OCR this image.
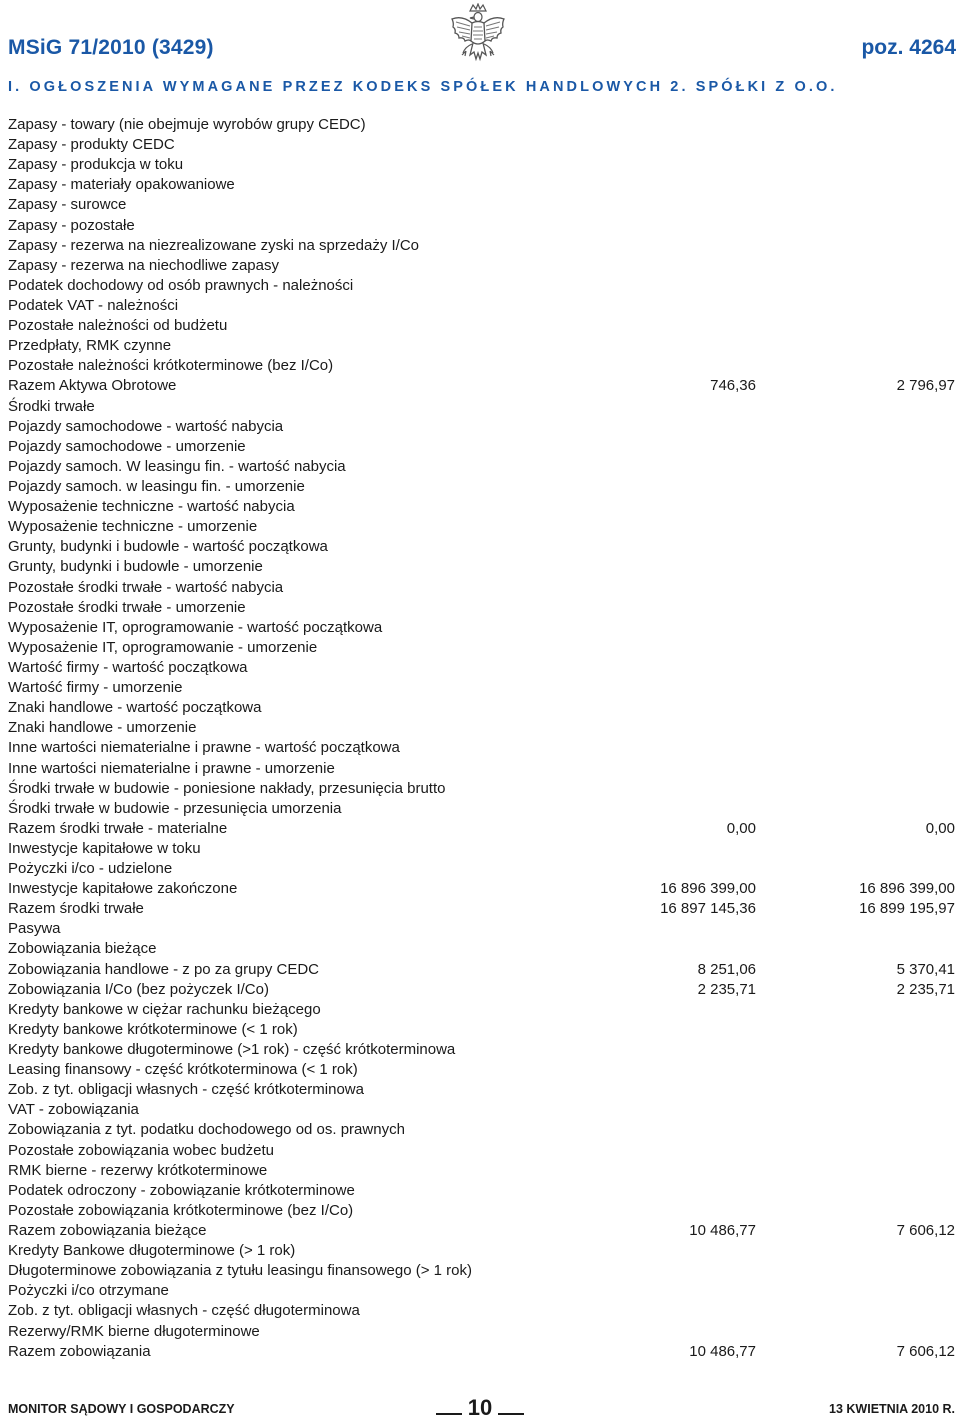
MSiG 71/2010 (3429)	poz. 4264
I. OGŁOSZENIA WYMAGANE PRZEZ KODEKS SPÓŁEK HANDLOWYCH 2. SPÓŁKI Z O.O.
Zapasy - towary (nie obejmuje wyrobów grupy CEDC)
Zapasy - produkty CEDC
Zapasy - produkcja w toku
Zapasy - materiały opakowaniowe
Zapasy - surowce
Zapasy - pozostałe
Zapasy - rezerwa na niezrealizowane zyski na sprzedaży I/Co
Zapasy - rezerwa na niechodliwe zapasy
Podatek dochodowy od osób prawnych - należności
Podatek VAT - należności
Pozostałe należności od budżetu
Przedpłaty, RMK czynne
Pozostałe należności krótkoterminowe (bez I/Co)
Razem Aktywa Obrotowe	746,36	2 796,97
Środki trwałe
Pojazdy samochodowe - wartość nabycia
Pojazdy samochodowe - umorzenie
Pojazdy samoch. W leasingu fin. - wartość nabycia
Pojazdy samoch. w leasingu fin. - umorzenie
Wyposażenie techniczne - wartość nabycia
Wyposażenie techniczne - umorzenie
Grunty, budynki i budowle - wartość początkowa
Grunty, budynki i budowle - umorzenie
Pozostałe środki trwałe - wartość nabycia
Pozostałe środki trwałe - umorzenie
Wyposażenie IT, oprogramowanie - wartość początkowa
Wyposażenie IT, oprogramowanie - umorzenie
Wartość firmy - wartość początkowa
Wartość firmy - umorzenie
Znaki handlowe - wartość początkowa
Znaki handlowe - umorzenie
Inne wartości niematerialne i prawne - wartość początkowa
Inne wartości niematerialne i prawne - umorzenie
Środki trwałe w budowie - poniesione nakłady, przesunięcia brutto
Środki trwałe w budowie - przesunięcia umorzenia
Razem środki trwałe - materialne	0,00	0,00
Inwestycje kapitałowe w toku
Pożyczki i/co - udzielone
Inwestycje kapitałowe zakończone	16 896 399,00	16 896 399,00
Razem środki trwałe	16 897 145,36	16 899 195,97
Pasywa
Zobowiązania bieżące
Zobowiązania handlowe - z po za grupy CEDC	8 251,06	5 370,41
Zobowiązania I/Co (bez pożyczek I/Co)	2 235,71	2 235,71
Kredyty bankowe w ciężar rachunku bieżącego
Kredyty bankowe krótkoterminowe (< 1 rok)
Kredyty bankowe długoterminowe (>1 rok) - część krótkoterminowa
Leasing finansowy - część krótkoterminowa (< 1 rok)
Zob. z tyt. obligacji własnych - część krótkoterminowa
VAT - zobowiązania
Zobowiązania z tyt. podatku dochodowego od os. prawnych
Pozostałe zobowiązania wobec budżetu
RMK bierne - rezerwy krótkoterminowe
Podatek odroczony - zobowiązanie krótkoterminowe
Pozostałe zobowiązania krótkoterminowe (bez I/Co)
Razem zobowiązania bieżące	10 486,77	7 606,12
Kredyty Bankowe długoterminowe (> 1 rok)
Długoterminowe zobowiązania z tytułu leasingu finansowego (> 1 rok)
Pożyczki i/co otrzymane
Zob. z tyt. obligacji własnych - część długoterminowa
Rezerwy/RMK bierne długoterminowe
Razem zobowiązania	10 486,77	7 606,12
MONITOR SĄDOWY I GOSPODARCZY	10	13 KWIETNIA 2010 R.
